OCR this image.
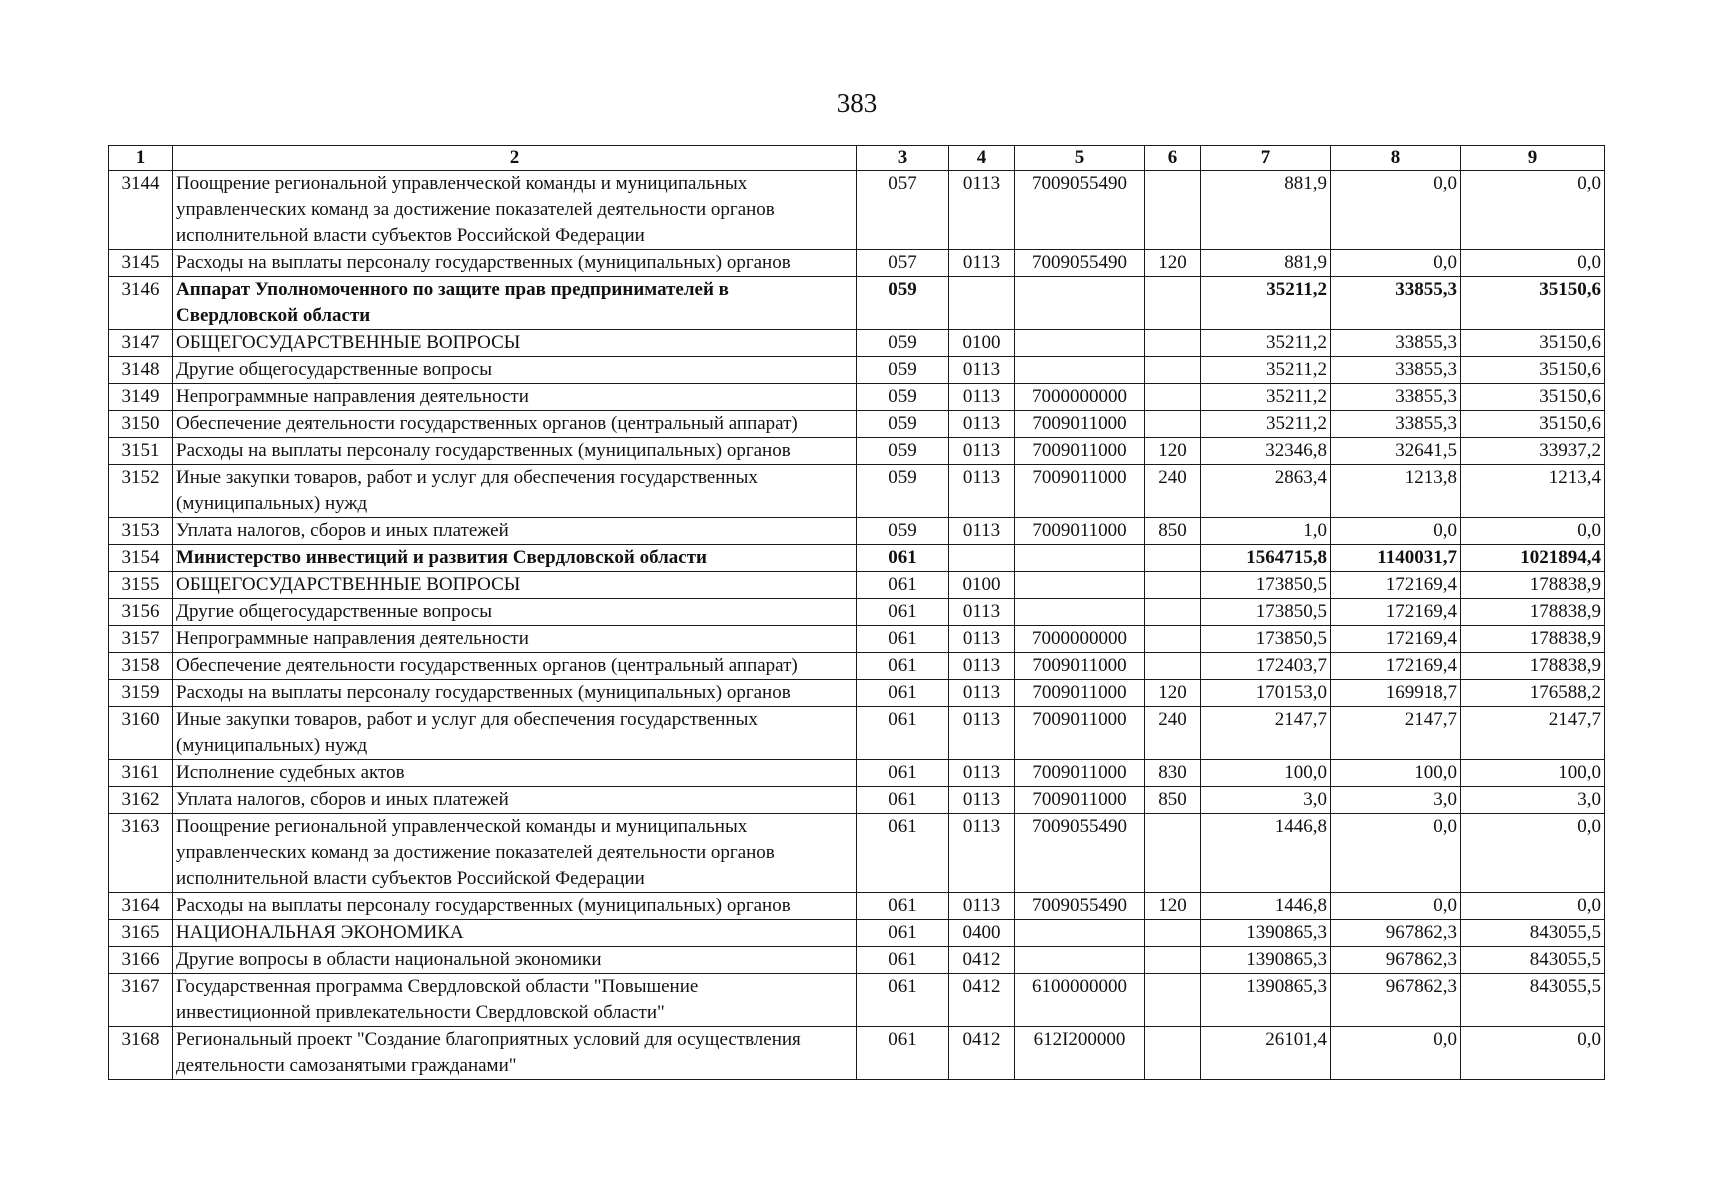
383
1	2	3	4	5	6	7	8	9
3144	Поощрение региональной управленческой команды и муниципальных
управленческих команд за достижение показателей деятельности органов
исполнительной власти субъектов Российской Федерации	057	0113	7009055490		881,9	0,0	0,0
3145	Расходы на выплаты персоналу государственных (муниципальных) органов	057	0113	7009055490	120	881,9	0,0	0,0
3146	Аппарат Уполномоченного по защите прав предпринимателей в
Свердловской области	059				35211,2	33855,3	35150,6
3147	ОБЩЕГОСУДАРСТВЕННЫЕ ВОПРОСЫ	059	0100			35211,2	33855,3	35150,6
3148	Другие общегосударственные вопросы	059	0113			35211,2	33855,3	35150,6
3149	Непрограммные направления деятельности	059	0113	7000000000		35211,2	33855,3	35150,6
3150	Обеспечение деятельности государственных органов (центральный аппарат)	059	0113	7009011000		35211,2	33855,3	35150,6
3151	Расходы на выплаты персоналу государственных (муниципальных) органов	059	0113	7009011000	120	32346,8	32641,5	33937,2
3152	Иные закупки товаров, работ и услуг для обеспечения государственных
(муниципальных) нужд	059	0113	7009011000	240	2863,4	1213,8	1213,4
3153	Уплата налогов, сборов и иных платежей	059	0113	7009011000	850	1,0	0,0	0,0
3154	Министерство инвестиций и развития Свердловской области	061				1564715,8	1140031,7	1021894,4
3155	ОБЩЕГОСУДАРСТВЕННЫЕ ВОПРОСЫ	061	0100			173850,5	172169,4	178838,9
3156	Другие общегосударственные вопросы	061	0113			173850,5	172169,4	178838,9
3157	Непрограммные направления деятельности	061	0113	7000000000		173850,5	172169,4	178838,9
3158	Обеспечение деятельности государственных органов (центральный аппарат)	061	0113	7009011000		172403,7	172169,4	178838,9
3159	Расходы на выплаты персоналу государственных (муниципальных) органов	061	0113	7009011000	120	170153,0	169918,7	176588,2
3160	Иные закупки товаров, работ и услуг для обеспечения государственных
(муниципальных) нужд	061	0113	7009011000	240	2147,7	2147,7	2147,7
3161	Исполнение судебных актов	061	0113	7009011000	830	100,0	100,0	100,0
3162	Уплата налогов, сборов и иных платежей	061	0113	7009011000	850	3,0	3,0	3,0
3163	Поощрение региональной управленческой команды и муниципальных
управленческих команд за достижение показателей деятельности органов
исполнительной власти субъектов Российской Федерации	061	0113	7009055490		1446,8	0,0	0,0
3164	Расходы на выплаты персоналу государственных (муниципальных) органов	061	0113	7009055490	120	1446,8	0,0	0,0
3165	НАЦИОНАЛЬНАЯ ЭКОНОМИКА	061	0400			1390865,3	967862,3	843055,5
3166	Другие вопросы в области национальной экономики	061	0412			1390865,3	967862,3	843055,5
3167	Государственная программа Свердловской области "Повышение
инвестиционной привлекательности Свердловской области"	061	0412	6100000000		1390865,3	967862,3	843055,5
3168	Региональный проект "Создание благоприятных условий для осуществления
деятельности самозанятыми гражданами"	061	0412	612I200000		26101,4	0,0	0,0
